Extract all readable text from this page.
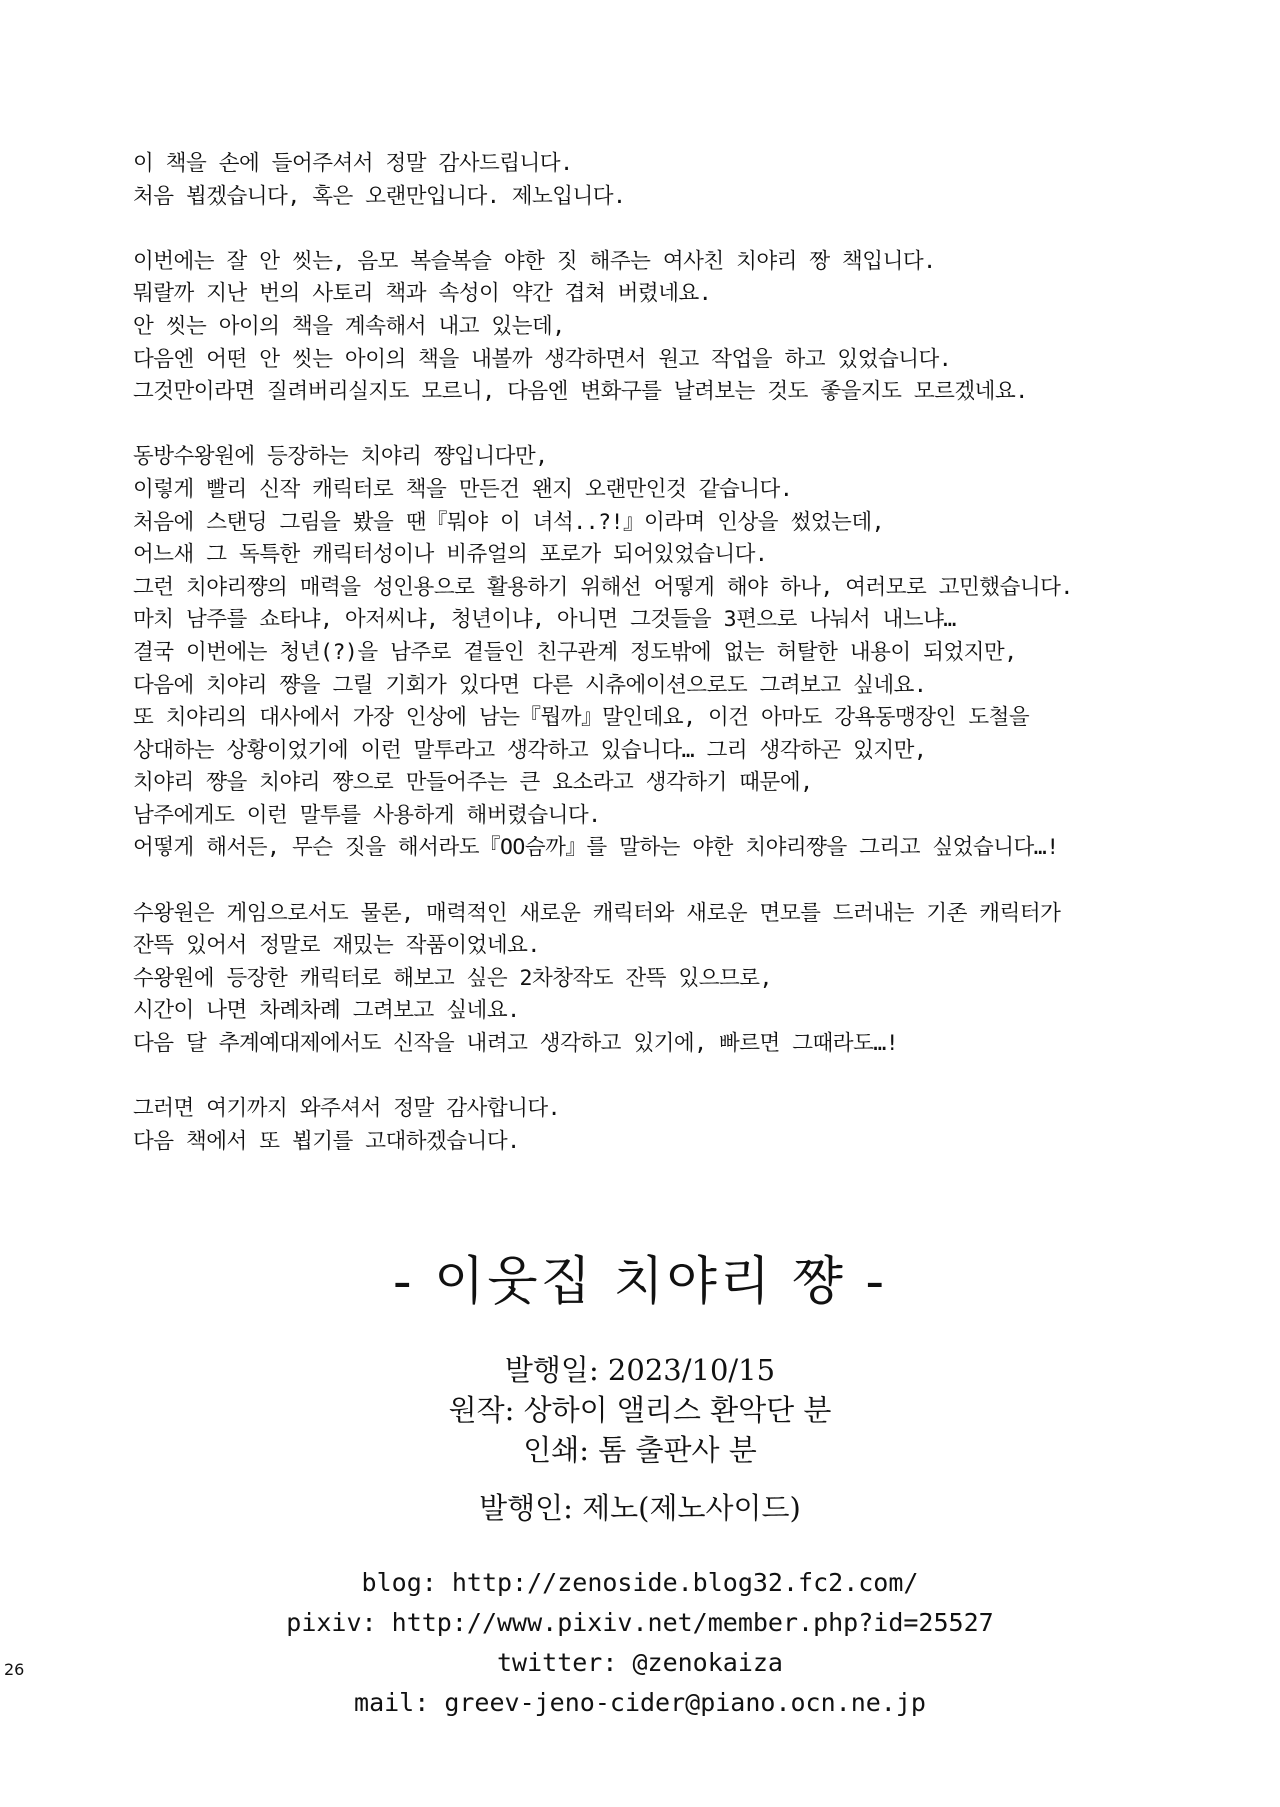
이 책을 손에 들어주셔서 정말 감사드립니다.
처음 뵙겠습니다, 혹은 오랜만입니다. 제노입니다.
이번에는 잘 안 씻는, 음모 복슬복슬 야한 짓 해주는 여사친 치야리 짱 책입니다.
뭐랄까 지난 번의 사토리 책과 속성이 약간 겹쳐 버렸네요.
안 씻는 아이의 책을 계속해서 내고 있는데,
다음엔 어떤 안 씻는 아이의 책을 내볼까 생각하면서 원고 작업을 하고 있었습니다.
그것만이라면 질려버리실지도 모르니, 다음엔 변화구를 날려보는 것도 좋을지도 모르겠네요.
동방수왕원에 등장하는 치야리 쨩입니다만,
이렇게 빨리 신작 캐릭터로 책을 만든건 왠지 오랜만인것 같습니다.
처음에 스탠딩 그림을 봤을 땐『뭐야 이 녀석..?!』이라며 인상을 썼었는데,
어느새 그 독특한 캐릭터성이나 비쥬얼의 포로가 되어있었습니다.
그런 치야리쨩의 매력을 성인용으로 활용하기 위해선 어떻게 해야 하나, 여러모로 고민했습니다.
마치 남주를 쇼타냐, 아저씨냐, 청년이냐, 아니면 그것들을 3편으로 나눠서 내느냐…
결국 이번에는 청년(?)을 남주로 곁들인 친구관계 정도밖에 없는 허탈한 내용이 되었지만,
다음에 치야리 쨩을 그릴 기회가 있다면 다른 시츄에이션으로도 그려보고 싶네요.
또 치야리의 대사에서 가장 인상에 남는『뭡까』말인데요, 이건 아마도 강욕동맹장인 도철을
상대하는 상황이었기에 이런 말투라고 생각하고 있습니다… 그리 생각하곤 있지만,
치야리 쨩을 치야리 쨩으로 만들어주는 큰 요소라고 생각하기 때문에,
남주에게도 이런 말투를 사용하게 해버렸습니다.
어떻게 해서든, 무슨 짓을 해서라도『OO슴까』를 말하는 야한 치야리쨩을 그리고 싶었습니다…!
수왕원은 게임으로서도 물론, 매력적인 새로운 캐릭터와 새로운 면모를 드러내는 기존 캐릭터가
잔뜩 있어서 정말로 재밌는 작품이었네요.
수왕원에 등장한 캐릭터로 해보고 싶은 2차창작도 잔뜩 있으므로,
시간이 나면 차례차례 그려보고 싶네요.
다음 달 추계예대제에서도 신작을 내려고 생각하고 있기에, 빠르면 그때라도…!
그러면 여기까지 와주셔서 정말 감사합니다.
다음 책에서 또 뵙기를 고대하겠습니다.
- 이웃집 치야리 쨩 -
발행일: 2023/10/15
원작: 상하이 앨리스 환악단 분
인쇄: 톰 출판사 분
발행인: 제노(제노사이드)
blog: http://zenoside.blog32.fc2.com/
pixiv: http://www.pixiv.net/member.php?id=25527
twitter: @zenokaiza
mail: greev-jeno-cider@piano.ocn.ne.jp
26
